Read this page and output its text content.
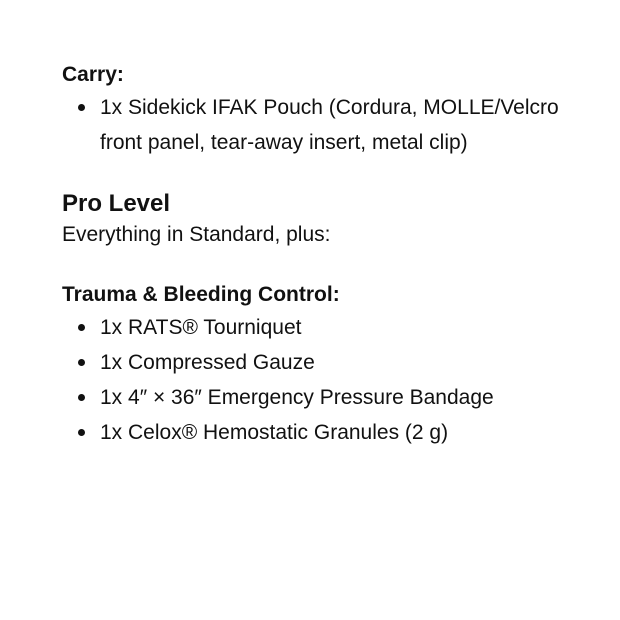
Carry:

1x Sidekick IFAK Pouch (Cordura, MOLLE/Velcro front panel, tear-away insert, metal clip)

Pro Level

Everything in Standard, plus:

Trauma & Bleeding Control:

1x RATS® Tourniquet
1x Compressed Gauze
1x 4″ × 36″ Emergency Pressure Bandage
1x Celox® Hemostatic Granules (2 g)
